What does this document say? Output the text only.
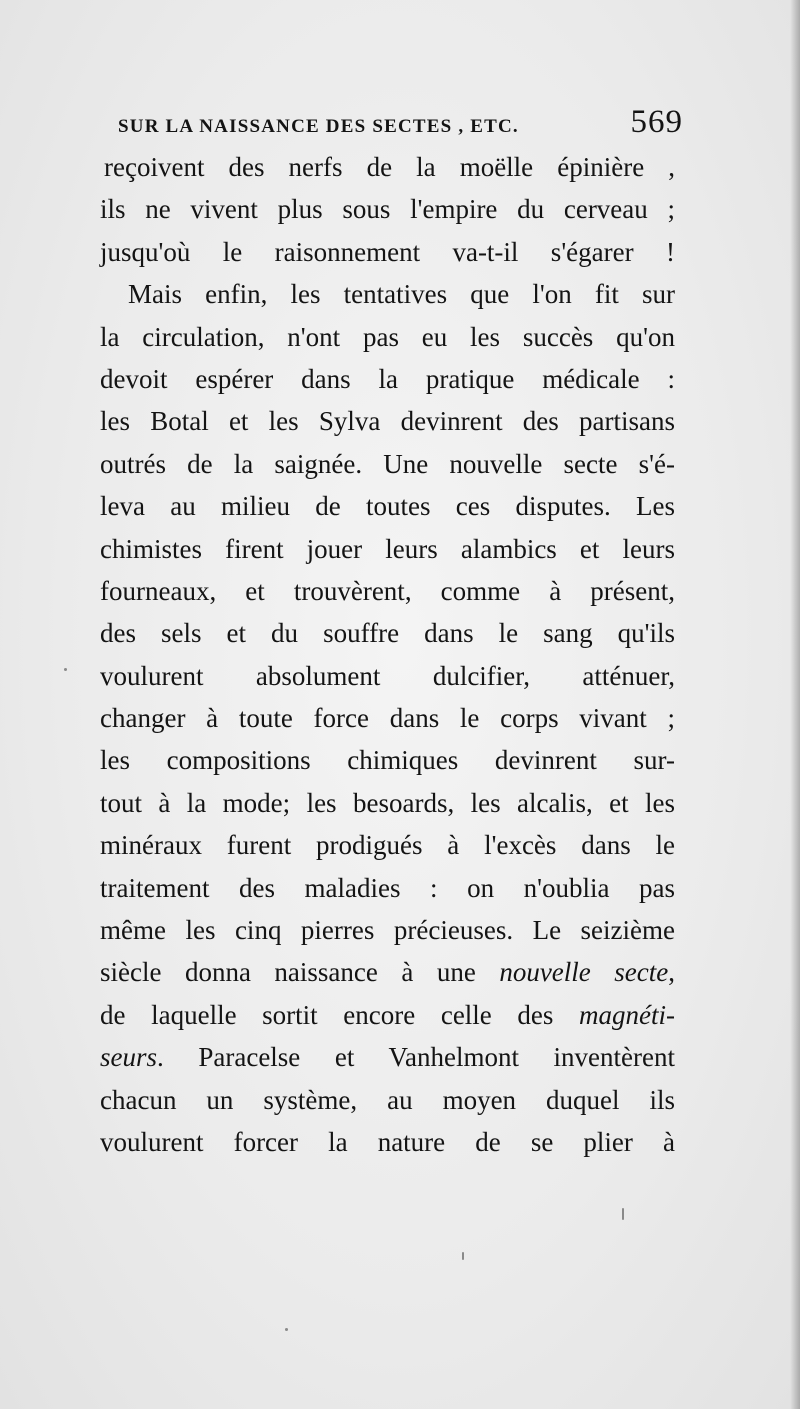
SUR LA NAISSANCE DES SECTES , ETC.	569
reçoivent des nerfs de la moëlle épinière ,
ils ne vivent plus sous l'empire du cerveau ;
jusqu'où le raisonnement va-t-il s'égarer !
Mais enfin, les tentatives que l'on fit sur
la circulation, n'ont pas eu les succès qu'on
devoit espérer dans la pratique médicale :
les Botal et les Sylva devinrent des partisans
outrés de la saignée. Une nouvelle secte s'é-
leva au milieu de toutes ces disputes. Les
chimistes firent jouer leurs alambics et leurs
fourneaux, et trouvèrent, comme à présent,
des sels et du souffre dans le sang qu'ils
voulurent absolument dulcifier, atténuer,
changer à toute force dans le corps vivant ;
les compositions chimiques devinrent sur-
tout à la mode; les besoards, les alcalis, et les
minéraux furent prodigués à l'excès dans le
traitement des maladies : on n'oublia pas
même les cinq pierres précieuses. Le seizième
siècle donna naissance à une nouvelle secte,
de laquelle sortit encore celle des magnéti-
seurs. Paracelse et Vanhelmont inventèrent
chacun un système, au moyen duquel ils
voulurent forcer la nature de se plier à
